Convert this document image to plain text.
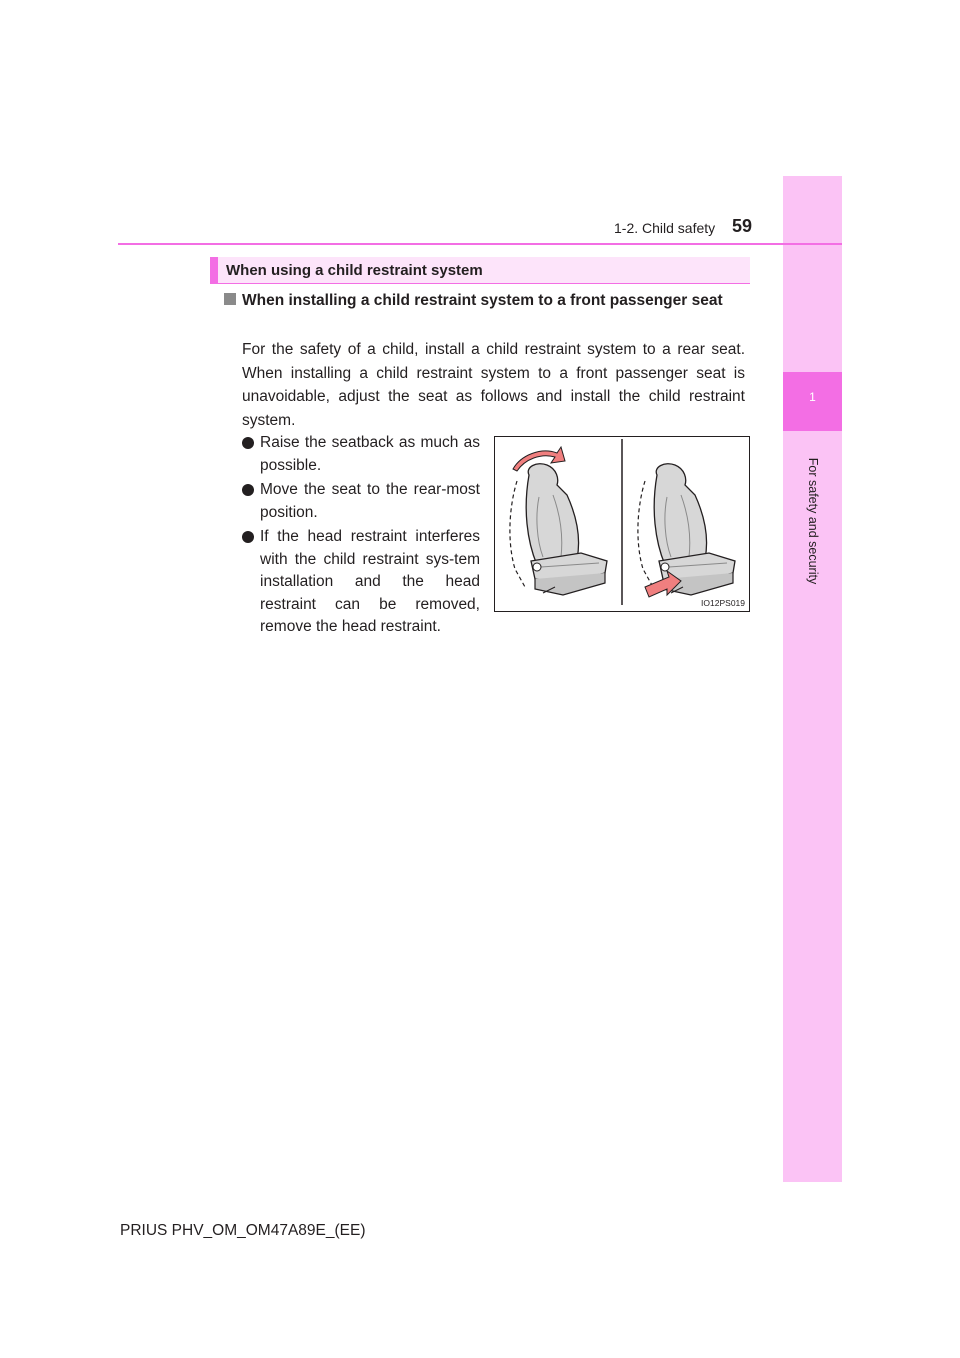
1
For safety and security
1-2. Child safety 59
When using a child restraint system
When installing a child restraint system to a front passenger seat

For the safety of a child, install a child restraint system to a rear seat. When installing a child restraint system to a front passenger seat is unavoidable, adjust the seat as follows and install the child restraint system.

Raise the seatback as much as possible.
Move the seat to the rear-most position.
If the head restraint interferes with the child restraint sys-tem installation and the head restraint can be removed, remove the head restraint.
IO12PS019
PRIUS PHV_OM_OM47A89E_(EE)
